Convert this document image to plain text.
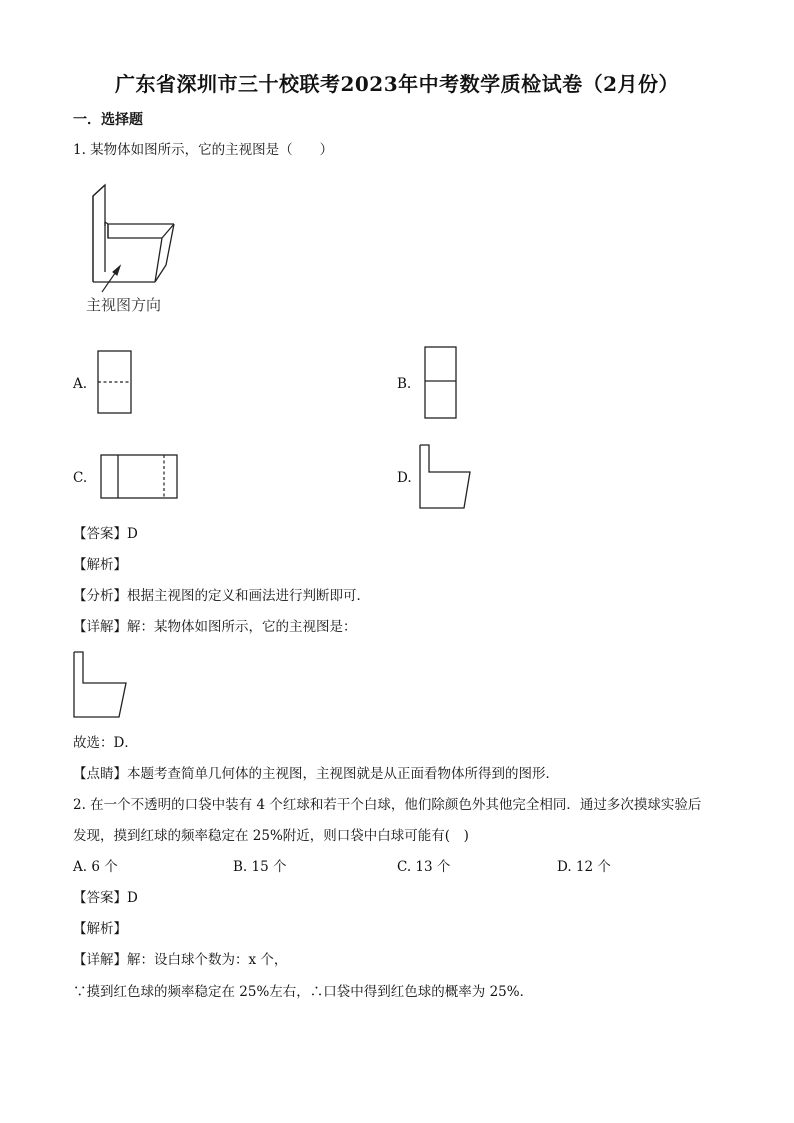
广东省深圳市三十校联考2023年中考数学质检试卷（2月份）
一．选择题
1. 某物体如图所示，它的主视图是（　　）
主视图方向
A.	B.
C.	D.
【答案】D
【解析】
【分析】根据主视图的定义和画法进行判断即可．
【详解】解：某物体如图所示，它的主视图是：
故选：D．
【点睛】本题考查简单几何体的主视图，主视图就是从正面看物体所得到的图形．
2. 在一个不透明的口袋中装有 4 个红球和若干个白球，他们除颜色外其他完全相同．通过多次摸球实验后
发现，摸到红球的频率稳定在 25%附近，则口袋中白球可能有(　)
A. 6 个	B. 15 个	C. 13 个	D. 12 个
【答案】D
【解析】
【详解】解：设白球个数为：x 个，
∵摸到红色球的频率稳定在 25%左右，∴口袋中得到红色球的概率为 25%．
